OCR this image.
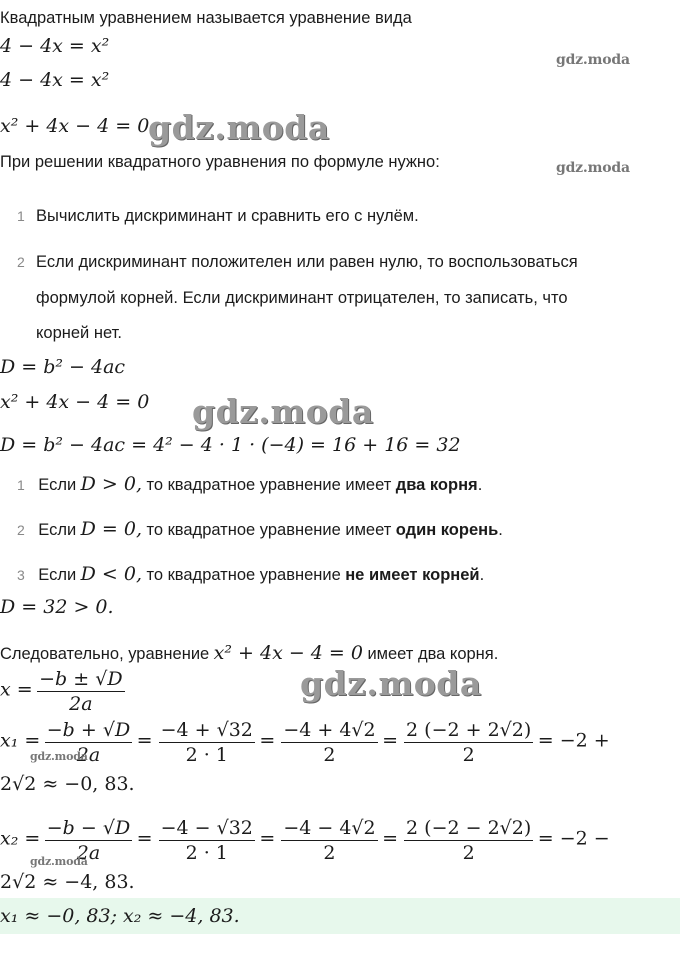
Квадратным уравнением называется уравнение вида
4 − 4x = x²
4 − 4x = x²
x² + 4x − 4 = 0
gdz.moda
gdz.moda
gdz.moda
При решении квадратного уравнения по формуле нужно:
1 Вычислить дискриминант и сравнить его с нулём.
2 Если дискриминант положителен или равен нулю, то воспользоваться
формулой корней. Если дискриминант отрицателен, то записать, что
корней нет.
D = b² − 4ac
x² + 4x − 4 = 0 gdz.moda
D = b² − 4ac = 4² − 4 · 1 · (−4) = 16 + 16 = 32
1 Если D > 0, то квадратное уравнение имеет два корня.
2 Если D = 0, то квадратное уравнение имеет один корень.
3 Если D < 0, то квадратное уравнение не имеет корней.
D = 32 > 0.
Следовательно, уравнение x² + 4x − 4 = 0 имеет два корня.
$x = \frac{-b \pm √D}{2a}$	gdz.moda
$x_1 = \frac{-b + √D}{2a} = \frac{-4 + √32}{2 \cdot 1} = \frac{-4 + 4√2}{2} = \frac{2 (-2 + 2√2)}{2} = -2$ +
gdz.moda
2√2 ≈ −0, 83.
$x_2 = \frac{-b - √D}{2a} = \frac{-4 - √32}{2 \cdot 1} = \frac{-4 - 4√2}{2} = \frac{2 (-2 - 2√2)}{2} = -2$ −
gdz.moda
2√2 ≈ −4, 83.
x₁ ≈ −0, 83; x₂ ≈ −4, 83.
